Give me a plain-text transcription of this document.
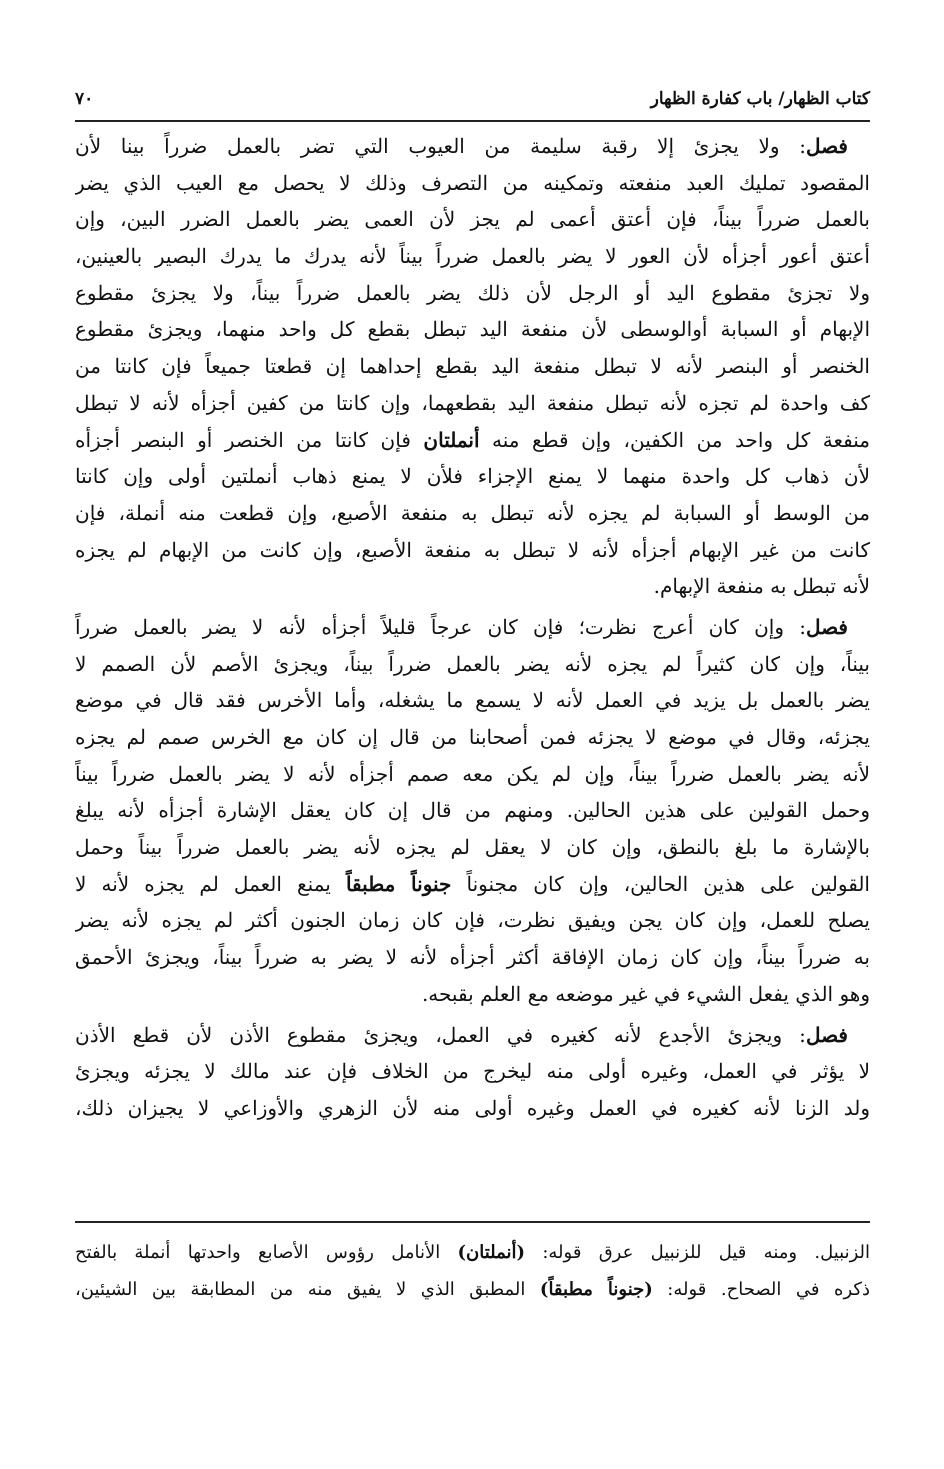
كتاب الظهار/ باب كفارة الظهار
٧٠
فصل: ولا يجزئ إلا رقبة سليمة من العيوب التي تضر بالعمل ضرراً بينا لأن
المقصود تمليك العبد منفعته وتمكينه من التصرف وذلك لا يحصل مع العيب الذي يضر
بالعمل ضرراً بيناً، فإن أعتق أعمى لم يجز لأن العمى يضر بالعمل الضرر البين، وإن
أعتق أعور أجزأه لأن العور لا يضر بالعمل ضرراً بيناً لأنه يدرك ما يدرك البصير بالعينين،
ولا تجزئ مقطوع اليد أو الرجل لأن ذلك يضر بالعمل ضرراً بيناً، ولا يجزئ مقطوع
الإبهام أو السبابة أوالوسطى لأن منفعة اليد تبطل بقطع كل واحد منهما، ويجزئ مقطوع
الخنصر أو البنصر لأنه لا تبطل منفعة اليد بقطع إحداهما إن قطعتا جميعاً فإن كانتا من
كف واحدة لم تجزه لأنه تبطل منفعة اليد بقطعهما، وإن كانتا من كفين أجزأه لأنه لا تبطل
منفعة كل واحد من الكفين، وإن قطع منه أنملتان فإن كانتا من الخنصر أو البنصر أجزأه
لأن ذهاب كل واحدة منهما لا يمنع الإجزاء فلأن لا يمنع ذهاب أنملتين أولى وإن كانتا
من الوسط أو السبابة لم يجزه لأنه تبطل به منفعة الأصبع، وإن قطعت منه أنملة، فإن
كانت من غير الإبهام أجزأه لأنه لا تبطل به منفعة الأصبع، وإن كانت من الإبهام لم يجزه
لأنه تبطل به منفعة الإبهام.
فصل: وإن كان أعرج نظرت؛ فإن كان عرجاً قليلاً أجزأه لأنه لا يضر بالعمل ضرراً
بيناً، وإن كان كثيراً لم يجزه لأنه يضر بالعمل ضرراً بيناً، ويجزئ الأصم لأن الصمم لا
يضر بالعمل بل يزيد في العمل لأنه لا يسمع ما يشغله، وأما الأخرس فقد قال في موضع
يجزئه، وقال في موضع لا يجزئه فمن أصحابنا من قال إن كان مع الخرس صمم لم يجزه
لأنه يضر بالعمل ضرراً بيناً، وإن لم يكن معه صمم أجزأه لأنه لا يضر بالعمل ضرراً بيناً
وحمل القولين على هذين الحالين. ومنهم من قال إن كان يعقل الإشارة أجزأه لأنه يبلغ
بالإشارة ما بلغ بالنطق، وإن كان لا يعقل لم يجزه لأنه يضر بالعمل ضرراً بيناً وحمل
القولين على هذين الحالين، وإن كان مجنوناً جنوناً مطبقاً يمنع العمل لم يجزه لأنه لا
يصلح للعمل، وإن كان يجن ويفيق نظرت، فإن كان زمان الجنون أكثر لم يجزه لأنه يضر
به ضرراً بيناً، وإن كان زمان الإفاقة أكثر أجزأه لأنه لا يضر به ضرراً بيناً، ويجزئ الأحمق
وهو الذي يفعل الشيء في غير موضعه مع العلم بقبحه.
فصل: ويجزئ الأجدع لأنه كغيره في العمل، ويجزئ مقطوع الأذن لأن قطع الأذن
لا يؤثر في العمل، وغيره أولى منه ليخرج من الخلاف فإن عند مالك لا يجزئه ويجزئ
ولد الزنا لأنه كغيره في العمل وغيره أولى منه لأن الزهري والأوزاعي لا يجيزان ذلك،
الزنبيل. ومنه قيل للزنبيل عرق قوله: (أنملتان) الأنامل رؤوس الأصابع واحدتها أنملة بالفتح
ذكره في الصحاح. قوله: (جنوناً مطبقاً) المطبق الذي لا يفيق منه من المطابقة بين الشيئين،
